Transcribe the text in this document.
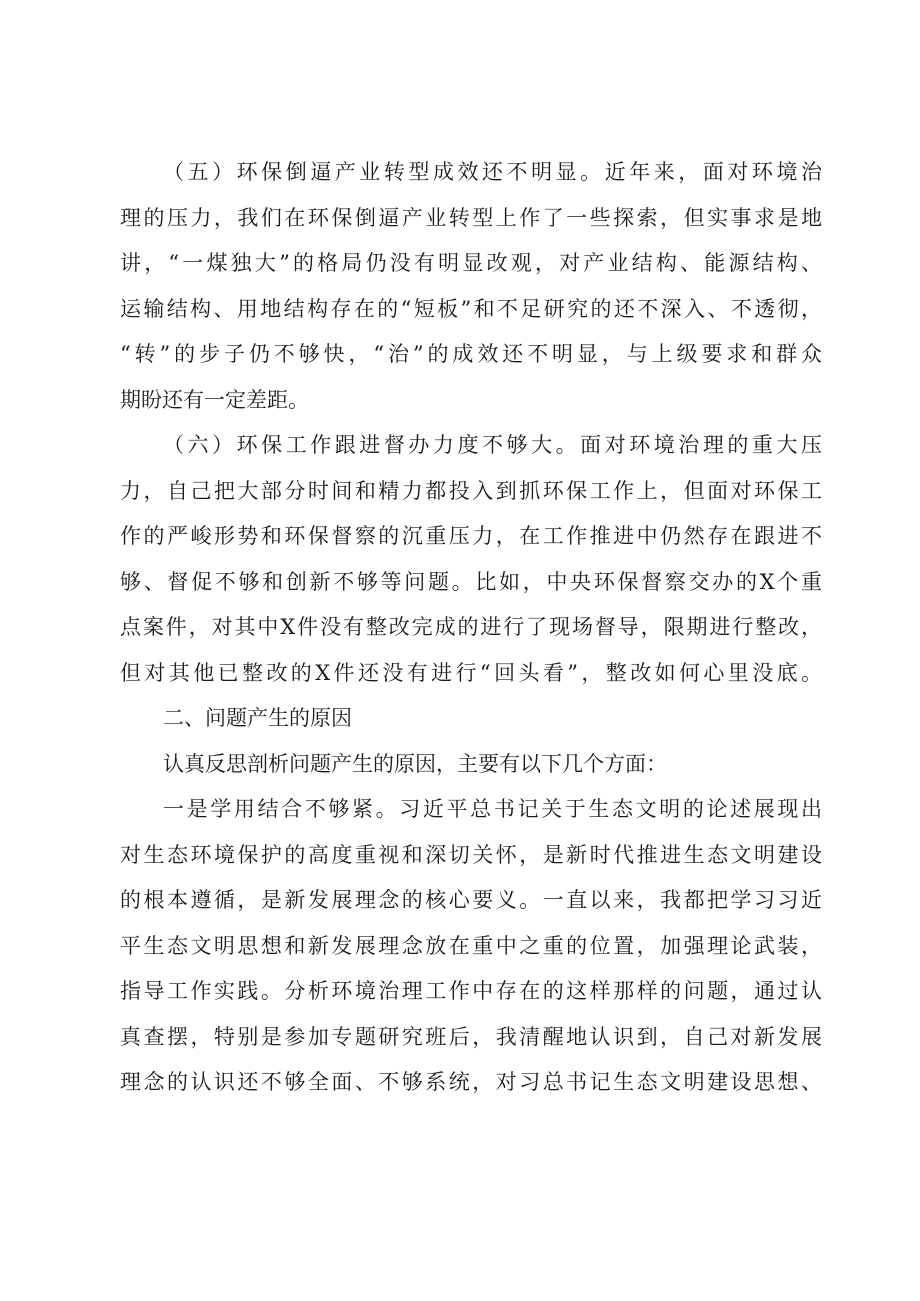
（五）环保倒逼产业转型成效还不明显。近年来，面对环境治
理的压力，我们在环保倒逼产业转型上作了一些探索，但实事求是地
讲，“一煤独大”的格局仍没有明显改观，对产业结构、能源结构、
运输结构、用地结构存在的“短板”和不足研究的还不深入、不透彻，
“转”的步子仍不够快，“治”的成效还不明显，与上级要求和群众
期盼还有一定差距。
（六）环保工作跟进督办力度不够大。面对环境治理的重大压
力，自己把大部分时间和精力都投入到抓环保工作上，但面对环保工
作的严峻形势和环保督察的沉重压力，在工作推进中仍然存在跟进不
够、督促不够和创新不够等问题。比如，中央环保督察交办的X个重
点案件，对其中X件没有整改完成的进行了现场督导，限期进行整改，
但对其他已整改的X件还没有进行“回头看”，整改如何心里没底。
二、问题产生的原因
认真反思剖析问题产生的原因，主要有以下几个方面：
一是学用结合不够紧。习近平总书记关于生态文明的论述展现出
对生态环境保护的高度重视和深切关怀，是新时代推进生态文明建设
的根本遵循，是新发展理念的核心要义。一直以来，我都把学习习近
平生态文明思想和新发展理念放在重中之重的位置，加强理论武装，
指导工作实践。分析环境治理工作中存在的这样那样的问题，通过认
真查摆，特别是参加专题研究班后，我清醒地认识到，自己对新发展
理念的认识还不够全面、不够系统，对习总书记生态文明建设思想、
